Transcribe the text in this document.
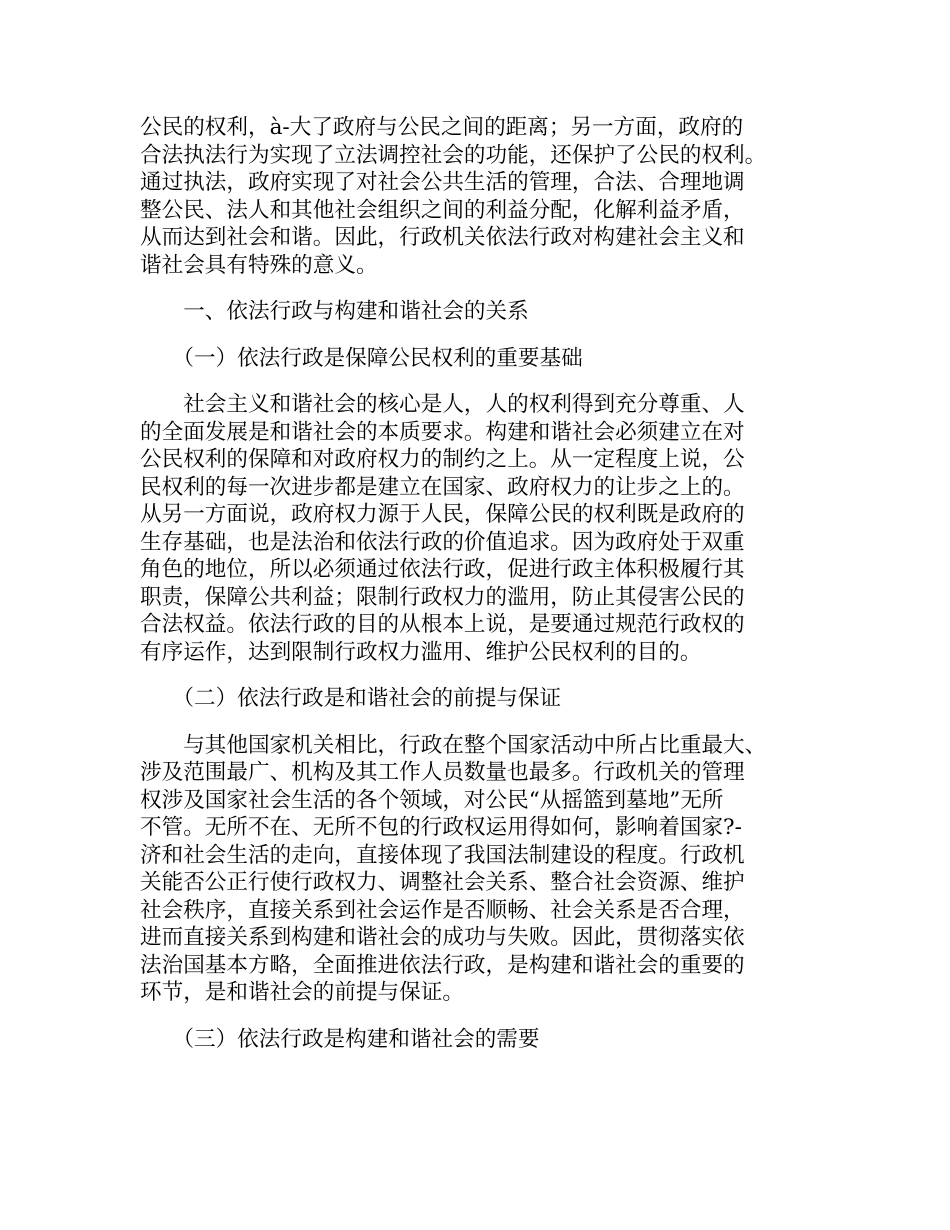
公民的权利，à-大了政府与公民之间的距离；另一方面，政府的
合法执法行为实现了立法调控社会的功能，还保护了公民的权利。
通过执法，政府实现了对社会公共生活的管理，合法、合理地调
整公民、法人和其他社会组织之间的利益分配，化解利益矛盾，
从而达到社会和谐。因此，行政机关依法行政对构建社会主义和
谐社会具有特殊的意义。
　　一、依法行政与构建和谐社会的关系
　　（一）依法行政是保障公民权利的重要基础
　　社会主义和谐社会的核心是人，人的权利得到充分尊重、人
的全面发展是和谐社会的本质要求。构建和谐社会必须建立在对
公民权利的保障和对政府权力的制约之上。从一定程度上说，公
民权利的每一次进步都是建立在国家、政府权力的让步之上的。
从另一方面说，政府权力源于人民，保障公民的权利既是政府的
生存基础，也是法治和依法行政的价值追求。因为政府处于双重
角色的地位，所以必须通过依法行政，促进行政主体积极履行其
职责，保障公共利益；限制行政权力的滥用，防止其侵害公民的
合法权益。依法行政的目的从根本上说，是要通过规范行政权的
有序运作，达到限制行政权力滥用、维护公民权利的目的。
　　（二）依法行政是和谐社会的前提与保证
　　与其他国家机关相比，行政在整个国家活动中所占比重最大、
涉及范围最广、机构及其工作人员数量也最多。行政机关的管理
权涉及国家社会生活的各个领域，对公民“从摇篮到墓地”无所
不管。无所不在、无所不包的行政权运用得如何，影响着国家?-
济和社会生活的走向，直接体现了我国法制建设的程度。行政机
关能否公正行使行政权力、调整社会关系、整合社会资源、维护
社会秩序，直接关系到社会运作是否顺畅、社会关系是否合理，
进而直接关系到构建和谐社会的成功与失败。因此，贯彻落实依
法治国基本方略，全面推进依法行政，是构建和谐社会的重要的
环节，是和谐社会的前提与保证。
　　（三）依法行政是构建和谐社会的需要
